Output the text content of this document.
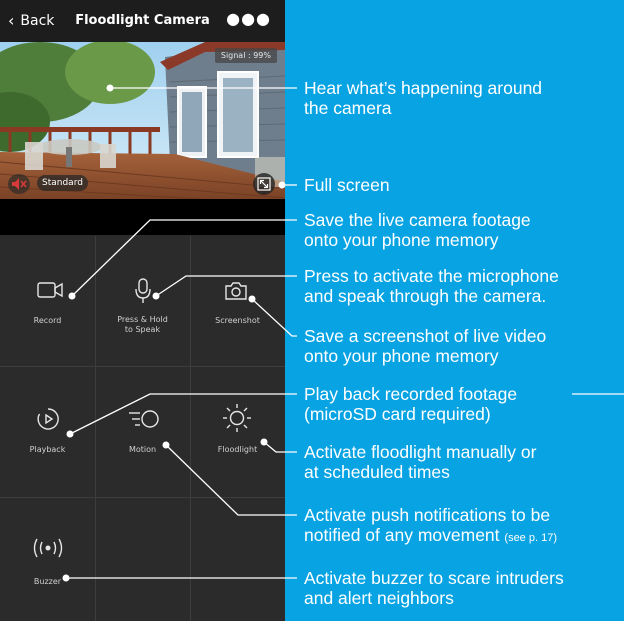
‹ Back	Floodlight Camera	●●●
Signal : 99%
Standard
Record	Press & Hold
to Speak
Screenshot
Playback	Motion	Floodlight
Buzzer
Hear what’s happening around
the camera
Full screen
Save the live camera footage
onto your phone memory
Press to activate the microphone
and speak through the camera.
Save a screenshot of live video
onto your phone memory
Play back recorded footage
(microSD card required)
Activate floodlight manually or
at scheduled times
Activate push notifications to be
notified of any movement (see p. 17)
Activate buzzer to scare intruders
and alert neighbors
